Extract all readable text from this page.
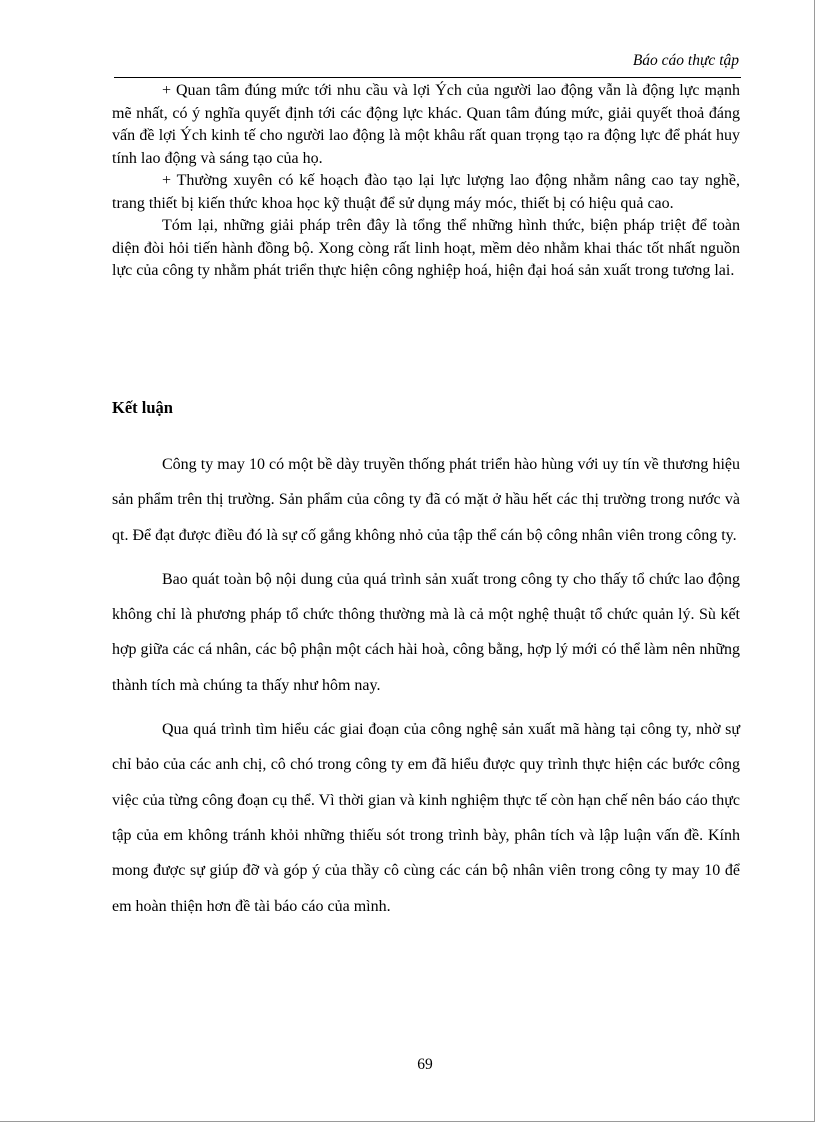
Báo cáo thực tập

+ Quan tâm đúng mức tới nhu cầu và lợi Ých của người lao động vẫn là động lực mạnh mẽ nhất, có ý nghĩa quyết định tới các động lực khác. Quan tâm đúng mức, giải quyết thoả đáng vấn đề lợi Ých kinh tế cho người lao động là một khâu rất quan trọng tạo ra động lực để phát huy tính lao động và sáng tạo của họ.

+ Thường xuyên có kế hoạch đào tạo lại lực lượng lao động nhằm nâng cao tay nghề, trang thiết bị kiến thức khoa học kỹ thuật để sử dụng máy móc, thiết bị có hiệu quả cao.

Tóm lại, những giải pháp trên đây là tổng thể những hình thức, biện pháp triệt để toàn diện đòi hỏi tiến hành đồng bộ. Xong còng rất linh hoạt, mềm dẻo nhằm khai thác tốt nhất nguồn lực của công ty nhằm phát triển thực hiện công nghiệp hoá, hiện đại hoá sản xuất trong tương lai.

Kết luận

Công ty may 10 có một bề dày truyền thống phát triển hào hùng với uy tín về thương hiệu sản phẩm trên thị trường. Sản phẩm của công ty đã có mặt ở hầu hết các thị trường trong nước và qt. Để đạt được điều đó là sự cố gắng không nhỏ của tập thể cán bộ công nhân viên trong công ty.

Bao quát toàn bộ nội dung của quá trình sản xuất trong công ty cho thấy tổ chức lao động không chỉ là phương pháp tổ chức thông thường mà là cả một nghệ thuật tổ chức quản lý. Sù kết hợp giữa các cá nhân, các bộ phận một cách hài hoà, công bằng, hợp lý mới có thể làm nên những thành tích mà chúng ta thấy như hôm nay.

Qua quá trình tìm hiểu các giai đoạn của công nghệ sản xuất mã hàng tại công ty, nhờ sự chỉ bảo của các anh chị, cô chó trong công ty em đã hiểu được quy trình thực hiện các bước công việc của từng công đoạn cụ thể. Vì thời gian và kinh nghiệm thực tế còn hạn chế nên báo cáo thực tập của em không tránh khỏi những thiếu sót trong trình bày, phân tích và lập luận vấn đề. Kính mong được sự giúp đỡ và góp ý của thầy cô cùng các cán bộ nhân viên trong công ty may 10 để em hoàn thiện hơn đề tài báo cáo của mình.

69
